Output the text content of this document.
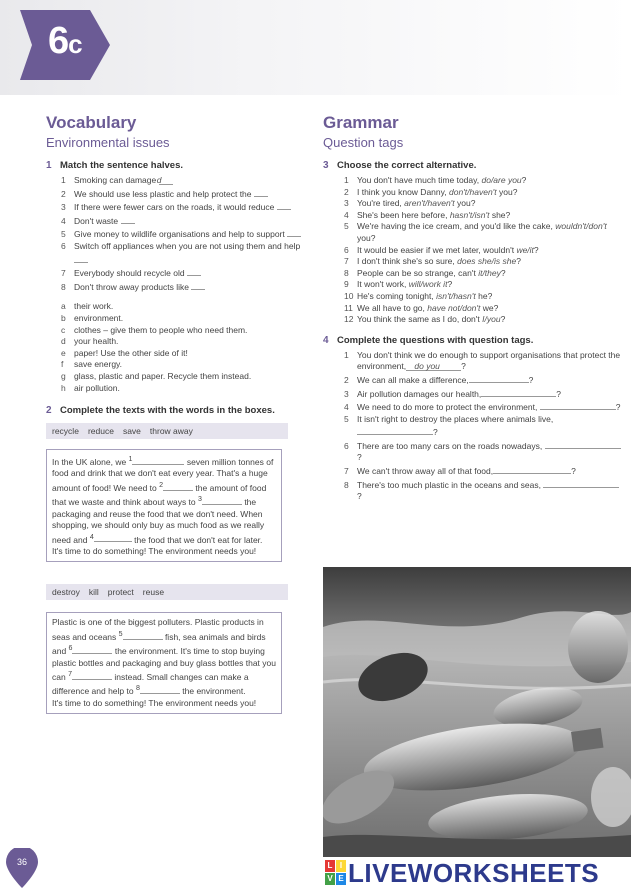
6c
Vocabulary
Environmental issues
1 Match the sentence halves.
1 Smoking can damage d
2 We should use less plastic and help protect the
3 If there were fewer cars on the roads, it would reduce
4 Don't waste
5 Give money to wildlife organisations and help to support
6 Switch off appliances when you are not using them and help
7 Everybody should recycle old
8 Don't throw away products like
a their work.
b environment.
c clothes – give them to people who need them.
d your health.
e paper! Use the other side of it!
f save energy.
g glass, plastic and paper. Recycle them instead.
h air pollution.
2 Complete the texts with the words in the boxes.
recycle reduce save throw away
In the UK alone, we $^1$	seven million tonnes of food and drink that we don't eat every year. That's a huge amount of food! We need to $^2$	the amount of food that we waste and think about ways to $^3$	the packaging and reuse the food that we don't need. When shopping, we should only buy as much food as we really need and $^4$	the food that we don't eat for later.
It's time to do something! The environment needs you!
destroy kill protect reuse
Plastic is one of the biggest polluters. Plastic products in seas and oceans $^5$	fish, sea animals and birds and $^6$	the environment. It's time to stop buying plastic bottles and packaging and buy glass bottles that you can $^7$	instead. Small changes can make a difference and help to $^8$	the environment.
It's time to do something! The environment needs you!
Grammar
Question tags
3 Choose the correct alternative.
1 You don't have much time today, do/are you?
2 I think you know Danny, don't/haven't you?
3 You're tired, aren't/haven't you?
4 She's been here before, hasn't/isn't she?
5 We're having the ice cream, and you'd like the cake, wouldn't/don't you?
6 It would be easier if we met later, wouldn't we/it?
7 I don't think she's so sure, does she/is she?
8 People can be so strange, can't it/they?
9 It won't work, will/work it?
10 He's coming tonight, isn't/hasn't he?
11 We all have to go, have not/don't we?
12 You think the same as I do, don't I/you?
4 Complete the questions with question tags.
1 You don't think we do enough to support organisations that protect the environment, do you ?
2 We can all make a difference,	?
3 Air pollution damages our health,	?
4 We need to do more to protect the environment,	?
5 It isn't right to destroy the places where animals live, ?
6 There are too many cars on the roads nowadays, ?
7 We can't throw away all of that food,	?
8 There's too much plastic in the oceans and seas, ?
36	L I
V E LIVEWORKSHEETS
